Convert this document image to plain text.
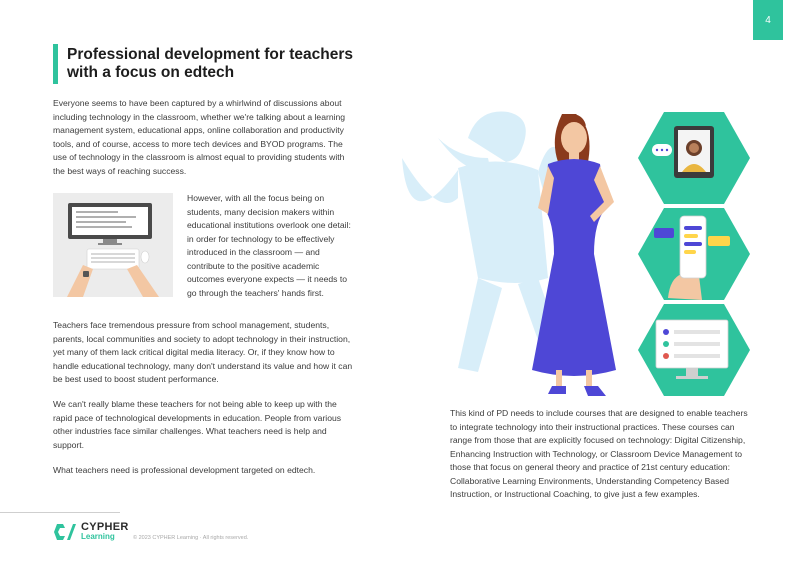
4
Professional development for teachers with a focus on edtech

Everyone seems to have been captured by a whirlwind of discussions about including technology in the classroom, whether we're talking about a learning management system, educational apps, online collaboration and productivity tools, and of course, access to more tech devices and BYOD programs. The use of technology in the classroom is almost equal to providing students with the best ways of reaching success.

However, with all the focus being on students, many decision makers within educational institutions overlook one detail: in order for technology to be effectively introduced in the classroom — and contribute to the positive academic outcomes everyone expects — it needs to go through the teachers' hands first.

Teachers face tremendous pressure from school management, students, parents, local communities and society to adopt technology in their instruction, yet many of them lack critical digital media literacy. Or, if they know how to handle educational technology, many don't understand its value and how it can be best used to boost student performance.

We can't really blame these teachers for not being able to keep up with the rapid pace of technological developments in education. People from various other industries face similar challenges. What teachers need is help and support.

What teachers need is professional development targeted on edtech.

This kind of PD needs to include courses that are designed to enable teachers to integrate technology into their instructional practices. These courses can range from those that are explicitly focused on technology: Digital Citizenship, Enhancing Instruction with Technology, or Classroom Device Management to those that focus on general theory and practice of 21st century education: Collaborative Learning Environments, Understanding Competency Based Instruction, or Instructional Coaching, to give just a few examples.

CYPHER
Learning	© 2023 CYPHER Learning · All rights reserved.
